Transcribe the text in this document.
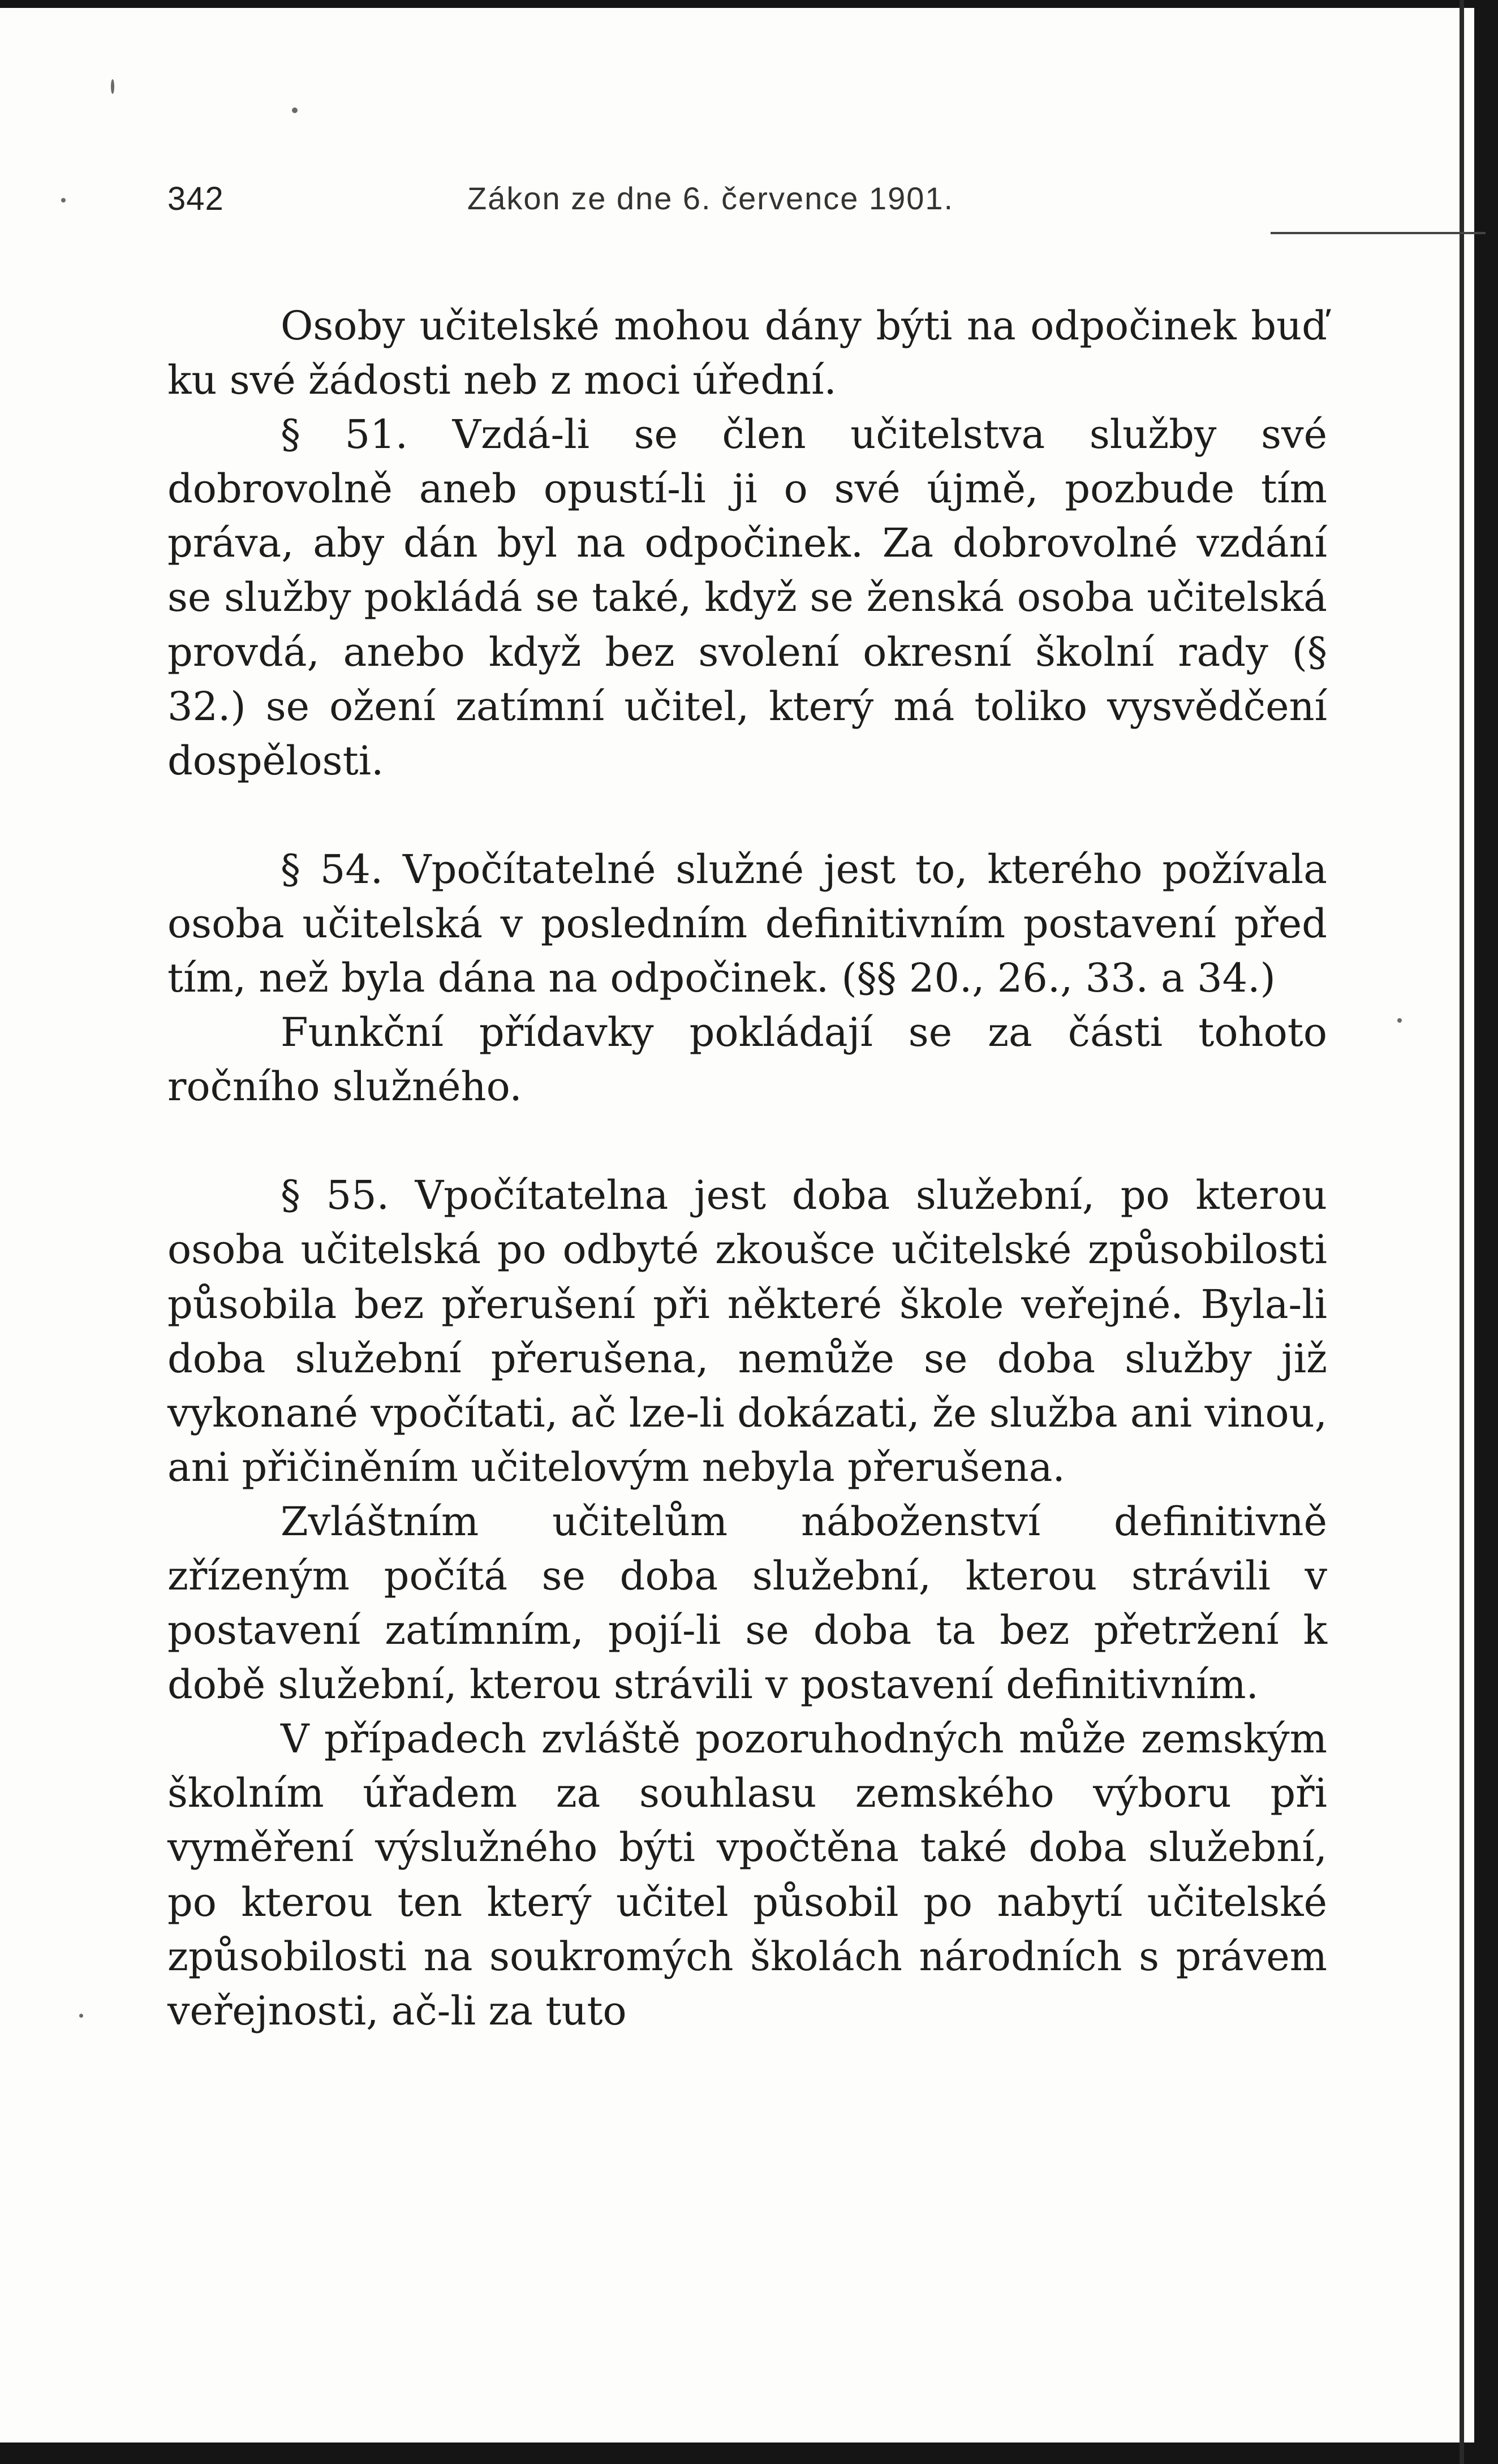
342	Zákon ze dne 6. července 1901.

Osoby učitelské mohou dány býti na odpočinek buď ku své žádosti neb z moci úřední.

§ 51. Vzdá-li se člen učitelstva služby své dobrovolně aneb opustí-li ji o své újmě, pozbude tím práva, aby dán byl na odpočinek. Za dobrovolné vzdání se služby pokládá se také, když se ženská osoba učitelská provdá, anebo když bez svolení okresní školní rady (§ 32.) se ožení zatímní učitel, který má toliko vysvědčení dospělosti.

§ 54. Vpočítatelné služné jest to, kterého požívala osoba učitelská v posledním definitivním postavení před tím, než byla dána na odpočinek. (§§ 20., 26., 33. a 34.)

Funkční přídavky pokládají se za části tohoto ročního služného.

§ 55. Vpočítatelna jest doba služební, po kterou osoba učitelská po odbyté zkoušce učitelské způsobilosti působila bez přerušení při některé škole veřejné. Byla-li doba služební přerušena, nemůže se doba služby již vykonané vpočítati, ač lze-li dokázati, že služba ani vinou, ani přičiněním učitelovým nebyla přerušena.

Zvláštním učitelům náboženství definitivně zřízeným počítá se doba služební, kterou strávili v postavení zatímním, pojí-li se doba ta bez přetržení k době služební, kterou strávili v postavení definitivním.

V případech zvláště pozoruhodných může zemským školním úřadem za souhlasu zemského výboru při vyměření výslužného býti vpočtěna také doba služební, po kterou ten který učitel působil po nabytí učitelské způsobilosti na soukromých školách národních s právem veřejnosti, ač-li za tuto
